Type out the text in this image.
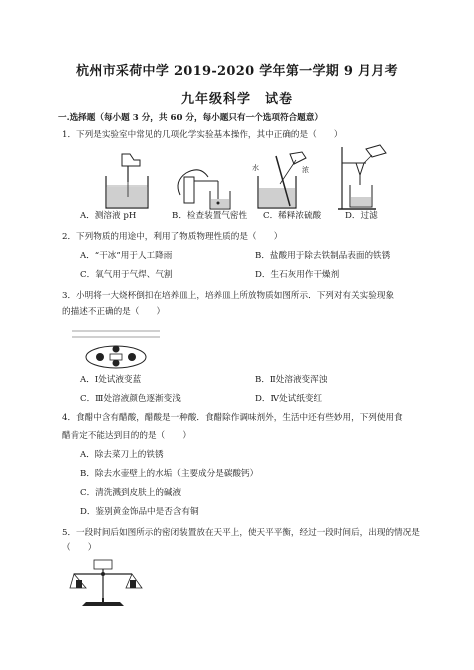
杭州市采荷中学 2019-2020 学年第一学期 9 月月考
九年级科学　试卷
一.选择题（每小题 3 分，共 60 分，每小题只有一个选项符合题意）
1．下列是实验室中常见的几项化学实验基本操作，其中正确的是（　　）
水	浓
A．测溶液 pH	B．检查装置气密性 C．稀释浓硫酸	D．过滤
2．下列物质的用途中，利用了物质物理性质的是（　　）
A．“干冰”用于人工降雨	B．盐酸用于除去铁制品表面的铁锈
C．氧气用于气焊、气割	D．生石灰用作干燥剂
3．小明将一大烧杯倒扣在培养皿上，培养皿上所放物质如图所示．下列对有关实验现象
的描述不正确的是（　　）
A．Ⅰ处试液变蓝	B．Ⅱ处溶液变浑浊
C．Ⅲ处溶液颜色逐渐变浅	D．Ⅳ处试纸变红
4．食醋中含有醋酸，醋酸是一种酸．食醋除作调味剂外，生活中还有些妙用，下列使用食
醋肯定不能达到目的的是（　　）
A．除去菜刀上的铁锈
B．除去水壶壁上的水垢（主要成分是碳酸钙）
C．清洗溅到皮肤上的碱液
D．鉴别黄金饰品中是否含有铜
5．一段时间后如图所示的密闭装置放在天平上，使天平平衡，经过一段时间后，出现的情况是
（　　）
